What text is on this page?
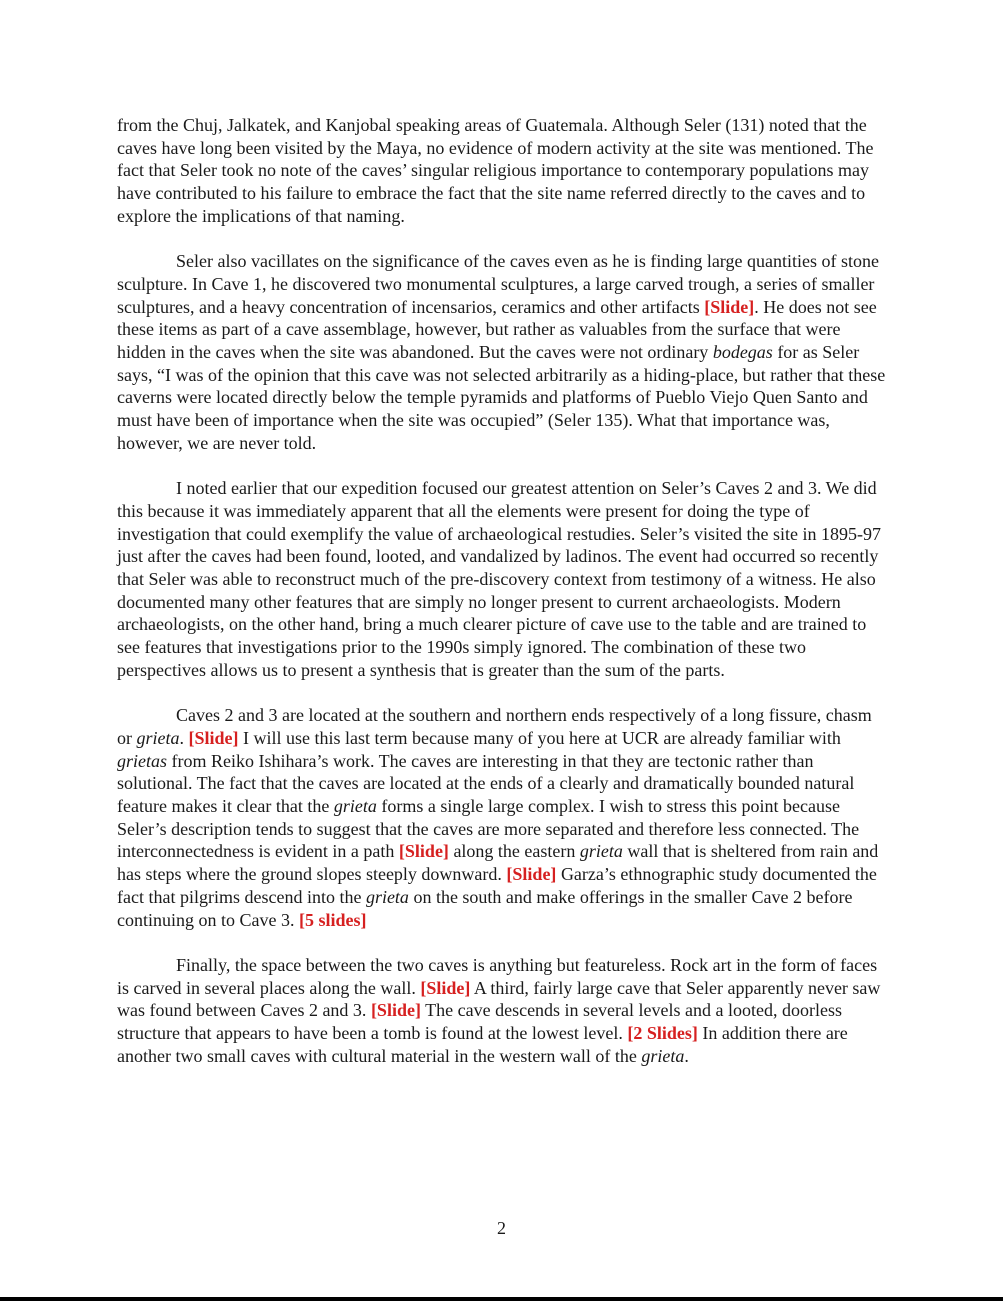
from the Chuj, Jalkatek, and Kanjobal speaking areas of Guatemala. Although Seler (131) noted that the caves have long been visited by the Maya, no evidence of modern activity at the site was mentioned. The fact that Seler took no note of the caves’ singular religious importance to contemporary populations may have contributed to his failure to embrace the fact that the site name referred directly to the caves and to explore the implications of that naming.

Seler also vacillates on the significance of the caves even as he is finding large quantities of stone sculpture. In Cave 1, he discovered two monumental sculptures, a large carved trough, a series of smaller sculptures, and a heavy concentration of incensarios, ceramics and other artifacts [Slide]. He does not see these items as part of a cave assemblage, however, but rather as valuables from the surface that were hidden in the caves when the site was abandoned. But the caves were not ordinary bodegas for as Seler says, “I was of the opinion that this cave was not selected arbitrarily as a hiding-place, but rather that these caverns were located directly below the temple pyramids and platforms of Pueblo Viejo Quen Santo and must have been of importance when the site was occupied” (Seler 135). What that importance was, however, we are never told.

I noted earlier that our expedition focused our greatest attention on Seler’s Caves 2 and 3. We did this because it was immediately apparent that all the elements were present for doing the type of investigation that could exemplify the value of archaeological restudies. Seler’s visited the site in 1895-97 just after the caves had been found, looted, and vandalized by ladinos. The event had occurred so recently that Seler was able to reconstruct much of the pre-discovery context from testimony of a witness. He also documented many other features that are simply no longer present to current archaeologists. Modern archaeologists, on the other hand, bring a much clearer picture of cave use to the table and are trained to see features that investigations prior to the 1990s simply ignored. The combination of these two perspectives allows us to present a synthesis that is greater than the sum of the parts.

Caves 2 and 3 are located at the southern and northern ends respectively of a long fissure, chasm or grieta. [Slide] I will use this last term because many of you here at UCR are already familiar with grietas from Reiko Ishihara’s work. The caves are interesting in that they are tectonic rather than solutional. The fact that the caves are located at the ends of a clearly and dramatically bounded natural feature makes it clear that the grieta forms a single large complex. I wish to stress this point because Seler’s description tends to suggest that the caves are more separated and therefore less connected. The interconnectedness is evident in a path [Slide] along the eastern grieta wall that is sheltered from rain and has steps where the ground slopes steeply downward. [Slide] Garza’s ethnographic study documented the fact that pilgrims descend into the grieta on the south and make offerings in the smaller Cave 2 before continuing on to Cave 3. [5 slides]

Finally, the space between the two caves is anything but featureless. Rock art in the form of faces is carved in several places along the wall. [Slide] A third, fairly large cave that Seler apparently never saw was found between Caves 2 and 3. [Slide] The cave descends in several levels and a looted, doorless structure that appears to have been a tomb is found at the lowest level. [2 Slides] In addition there are another two small caves with cultural material in the western wall of the grieta.

2
